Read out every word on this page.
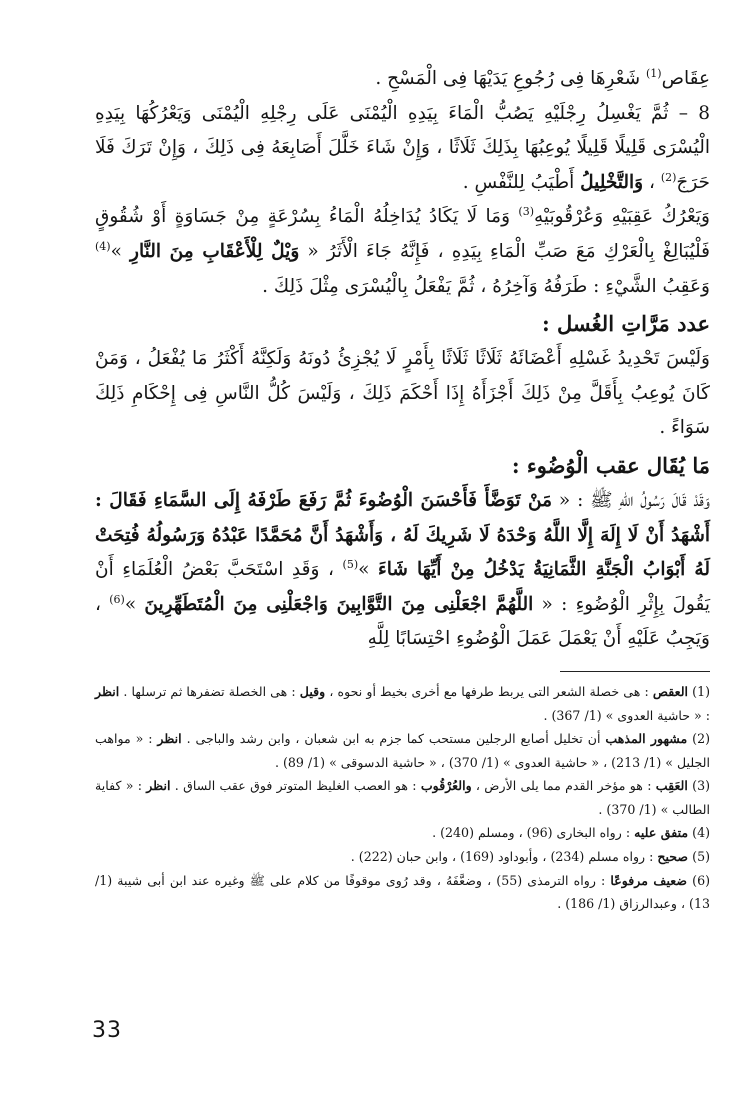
عِقَاص$^{(1)}$ شَعْرِهَا فِى رُجُوعِ يَدَيْهَا فِى الْمَسْحِ .

8 – ثُمَّ يَغْسِلُ رِجْلَيْهِ يَصُبُّ الْمَاءَ بِيَدِهِ الْيُمْنَى عَلَى رِجْلِهِ الْيُمْنَى وَيَعْرُكُهَا بِيَدِهِ الْيُسْرَى قَلِيلًا قَلِيلًا يُوعِبُهَا بِذَلِكَ ثَلَاثًا ، وَإِنْ شَاءَ خَلَّلَ أَصَابِعَهُ فِى ذَلِكَ ، وَإِنْ تَرَكَ فَلَا حَرَجَ$^{(2)}$ ، وَالتَّخْلِيلُ أَطْيَبُ لِلنَّفْسِ .

وَيَعْرُكُ عَقِبَيْهِ وَعُرْقُوبَيْهِ$^{(3)}$ وَمَا لَا يَكَادُ يُدَاخِلُهُ الْمَاءُ بِسُرْعَةٍ مِنْ جَسَاوَةٍ أَوْ شُقُوقٍ فَلْيُبَالِغْ بِالْعَرْكِ مَعَ صَبِّ الْمَاءِ بِيَدِهِ ، فَإِنَّهُ جَاءَ الْأَثَرُ « وَيْلٌ لِلْأَعْقَابِ مِنَ النَّارِ »$^{(4)}$ وَعَقِبُ الشَّيْءِ : طَرَفُهُ وَآخِرُهُ ، ثُمَّ يَفْعَلُ بِالْيُسْرَى مِثْلَ ذَلِكَ .

عدد مَرَّاتِ الغُسل :

وَلَيْسَ تَحْدِيدُ غَسْلِهِ أَعْضَائَهُ ثَلَاثًا ثَلَاثًا بِأَمْرٍ لَا يُجْزِئُ دُونَهُ وَلَكِنَّهُ أَكْثَرُ مَا يُفْعَلُ ، وَمَنْ كَانَ يُوعِبُ بِأَقَلَّ مِنْ ذَلِكَ أَجْزَأَهُ إِذَا أَحْكَمَ ذَلِكَ ، وَلَيْسَ كُلُّ النَّاسِ فِى إِحْكَامِ ذَلِكَ سَوَاءً .

مَا يُقَال عقب الْوُضُوء :

وَقَدْ قَالَ رَسُولُ اللهِ ﷺ : « مَنْ تَوَضَّأَ فَأَحْسَنَ الْوُضُوءَ ثُمَّ رَفَعَ طَرْفَهُ إِلَى السَّمَاءِ فَقَالَ : أَشْهَدُ أَنْ لَا إِلَهَ إِلَّا اللَّهُ وَحْدَهُ لَا شَرِيكَ لَهُ ، وَأَشْهَدُ أَنَّ مُحَمَّدًا عَبْدُهُ وَرَسُولُهُ فُتِحَتْ لَهُ أَبْوَابُ الْجَنَّةِ الثَّمَانِيَةُ يَدْخُلُ مِنْ أَيِّهَا شَاءَ »$^{(5)}$ ، وَقَدِ اسْتَحَبَّ بَعْضُ الْعُلَمَاءِ أَنْ يَقُولَ بِإِثْرِ الْوُضُوءِ : « اللَّهُمَّ اجْعَلْنِى مِنَ التَّوَّابِينَ وَاجْعَلْنِى مِنَ الْمُتَطَهِّرِينَ »$^{(6)}$ ، وَيَجِبُ عَلَيْهِ أَنْ يَعْمَلَ عَمَلَ الْوُضُوءِ احْتِسَابًا لِلَّهِ

(1) العقص : هى خصلة الشعر التى يربط طرفها مع أخرى بخيط أو نحوه ، وقيل : هى الخصلة تضفرها ثم ترسلها . انظر : « حاشية العدوى » (1/ 367) .

(2) مشهور المذهب أن تخليل أصابع الرجلين مستحب كما جزم به ابن شعبان ، وابن رشد والباجى . انظر : « مواهب الجليل » (1/ 213) ، « حاشية العدوى » (1/ 370) ، « حاشية الدسوقى » (1/ 89) .

(3) العَقِب : هو مؤخر القدم مما يلى الأرض ، والعُرْقُوب : هو العصب الغليظ المتوتر فوق عقب الساق . انظر : « كفاية الطالب » (1/ 370) .

(4) متفق عليه : رواه البخارى (96) ، ومسلم (240) .

(5) صحيح : رواه مسلم (234) ، وأبوداود (169) ، وابن حبان (222) .

(6) ضعيف مرفوعًا : رواه الترمذى (55) ، وضعَّفَهُ ، وقد رُوى موقوفًا من كلام على ﷺ وغيره عند ابن أبى شيبة (1/ 13) ، وعبدالرزاق (1/ 186) .

33
